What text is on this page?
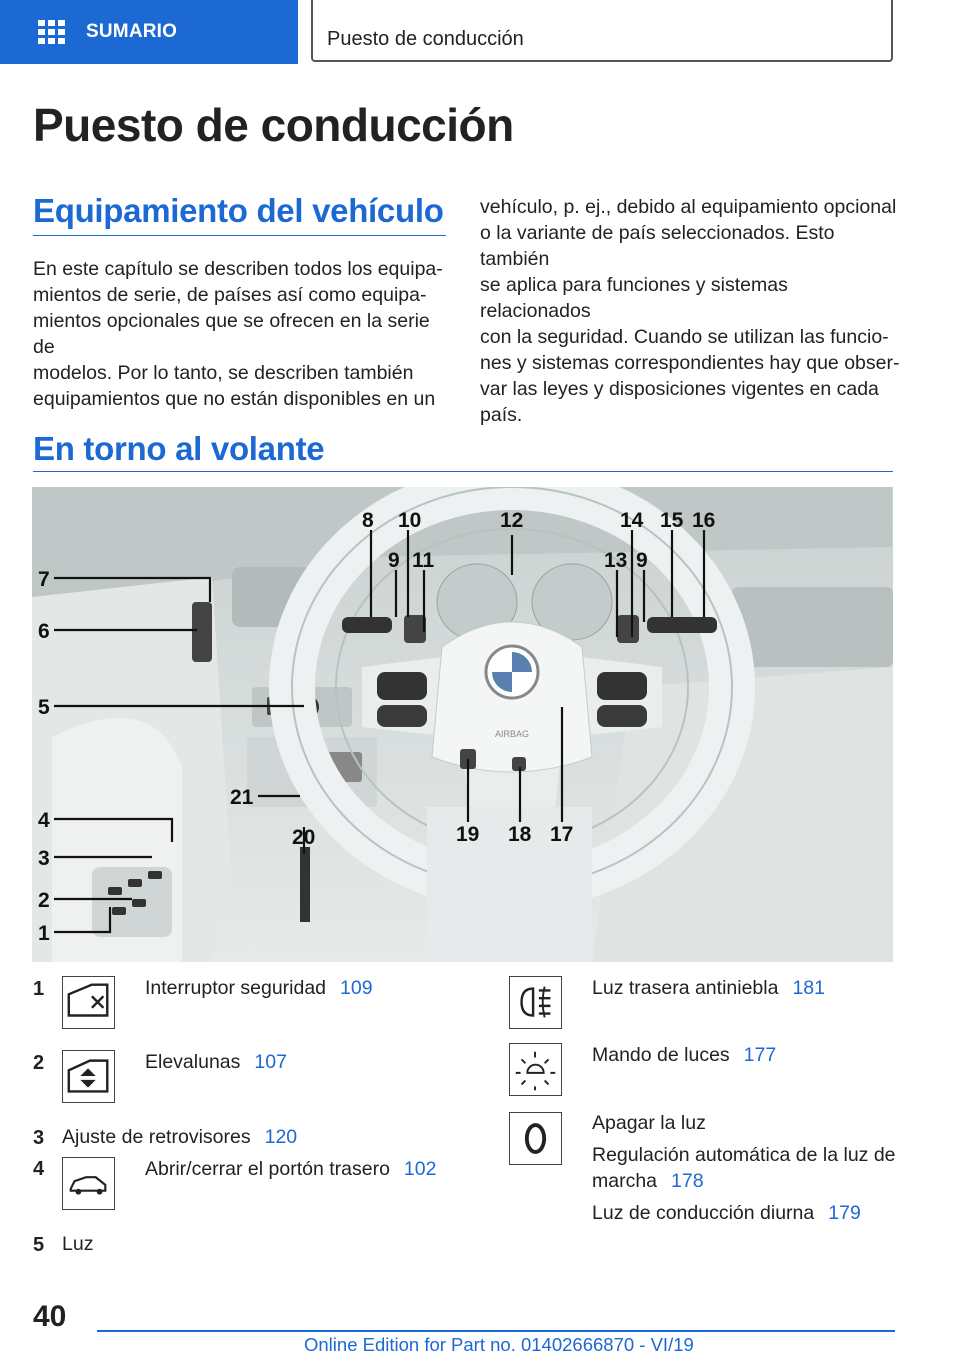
SUMARIO	Puesto de conducción
Puesto de conducción
Equipamiento del vehículo
En este capítulo se describen todos los equipa-
mientos de serie, de países así como equipa-
mientos opcionales que se ofrecen en la serie de
modelos. Por lo tanto, se describen también
equipamientos que no están disponibles en un
vehículo, p. ej., debido al equipamiento opcional
o la variante de país seleccionados. Esto también
se aplica para funciones y sistemas relacionados
con la seguridad. Cuando se utilizan las funcio-
nes y sistemas correspondientes hay que obser-
var las leyes y disposiciones vigentes en cada
país.
En torno al volante
AIRBAG
1
2
3
4
5
6
7
8
9
10
11
12
13
14
9
15 16
17
18
19
20
21
1	Interruptor seguridad 109
2	Elevalunas 107
3 Ajuste de retrovisores 120
4	Abrir/cerrar el portón trasero 102
5 Luz
Luz trasera antiniebla 181
Mando de luces 177
Apagar la luz
Regulación automática de la luz de
marcha 178
Luz de conducción diurna 179
40
Online Edition for Part no. 01402666870 - VI/19
